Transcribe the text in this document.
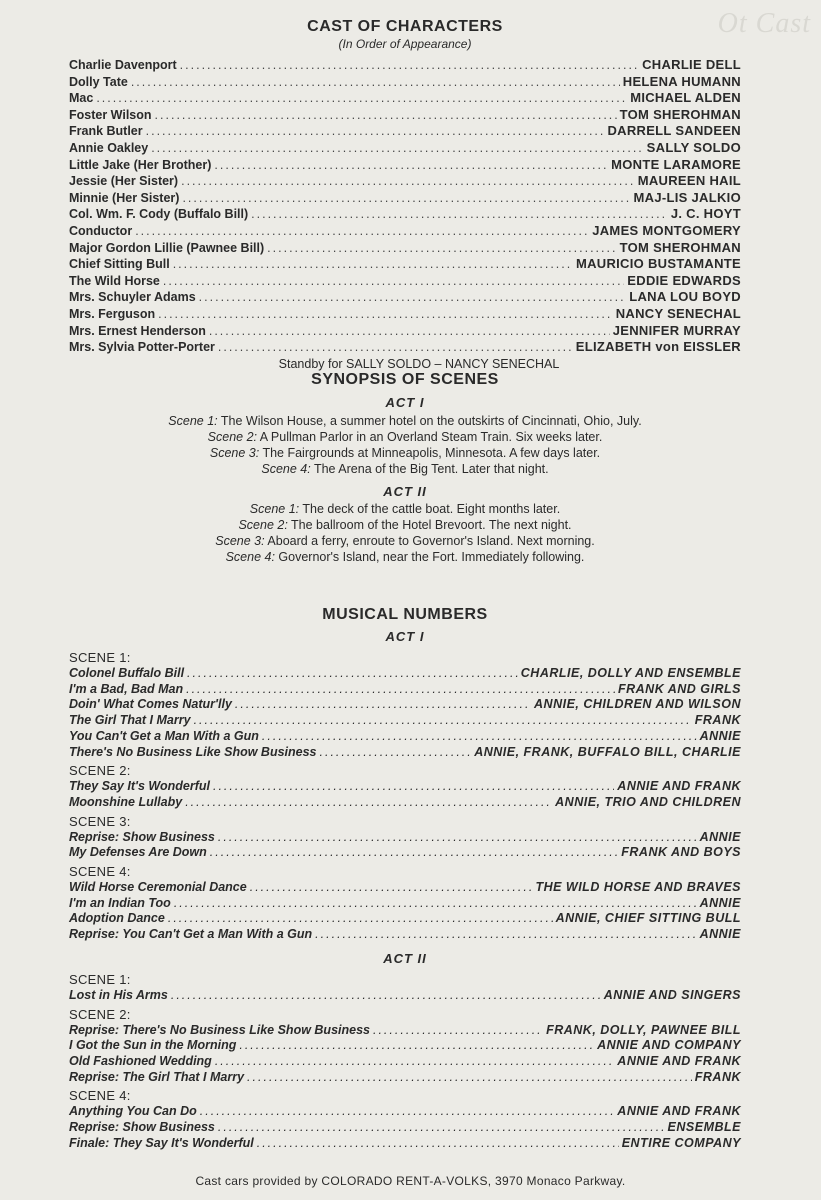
Ot Cast
CAST OF CHARACTERS
(In Order of Appearance)
Charlie Davenport .....	CHARLIE DELL
Dolly Tate .....	HELENA HUMANN
Mac .....	MICHAEL ALDEN
Foster Wilson .....	TOM SHEROHMAN
Frank Butler .....	DARRELL SANDEEN
Annie Oakley .....	SALLY SOLDO
Little Jake (Her Brother) .....	MONTE LARAMORE
Jessie (Her Sister) .....	MAUREEN HAIL
Minnie (Her Sister) .....	MAJ-LIS JALKIO
Col. Wm. F. Cody (Buffalo Bill) .....	J. C. HOYT
Conductor .....	JAMES MONTGOMERY
Major Gordon Lillie (Pawnee Bill) .....	TOM SHEROHMAN
Chief Sitting Bull .....	MAURICIO BUSTAMANTE
The Wild Horse .....	EDDIE EDWARDS
Mrs. Schuyler Adams .....	LANA LOU BOYD
Mrs. Ferguson .....	NANCY SENECHAL
Mrs. Ernest Henderson .....	JENNIFER MURRAY
Mrs. Sylvia Potter-Porter .....	ELIZABETH von EISSLER
Standby for SALLY SOLDO – NANCY SENECHAL
SYNOPSIS OF SCENES
ACT I
Scene 1: The Wilson House, a summer hotel on the outskirts of Cincinnati, Ohio, July.
Scene 2: A Pullman Parlor in an Overland Steam Train. Six weeks later.
Scene 3: The Fairgrounds at Minneapolis, Minnesota. A few days later.
Scene 4: The Arena of the Big Tent. Later that night.
ACT II
Scene 1: The deck of the cattle boat. Eight months later.
Scene 2: The ballroom of the Hotel Brevoort. The next night.
Scene 3: Aboard a ferry, enroute to Governor's Island. Next morning.
Scene 4: Governor's Island, near the Fort. Immediately following.
MUSICAL NUMBERS
ACT I
SCENE 1:
Colonel Buffalo Bill .....	CHARLIE, DOLLY AND ENSEMBLE
I'm a Bad, Bad Man .....	FRANK AND GIRLS
Doin' What Comes Natur'lly .....	ANNIE, CHILDREN AND WILSON
The Girl That I Marry .....	FRANK
You Can't Get a Man With a Gun .....	ANNIE
There's No Business Like Show Business .....	ANNIE, FRANK, BUFFALO BILL, CHARLIE
SCENE 2:
They Say It's Wonderful .....	ANNIE AND FRANK
Moonshine Lullaby .....	ANNIE, TRIO AND CHILDREN
SCENE 3:
Reprise: Show Business .....	ANNIE
My Defenses Are Down .....	FRANK AND BOYS
SCENE 4:
Wild Horse Ceremonial Dance .....	THE WILD HORSE AND BRAVES
I'm an Indian Too .....	ANNIE
Adoption Dance .....	ANNIE, CHIEF SITTING BULL
Reprise: You Can't Get a Man With a Gun .....	ANNIE
ACT II
SCENE 1:
Lost in His Arms .....	ANNIE AND SINGERS
SCENE 2:
Reprise: There's No Business Like Show Business .....	FRANK, DOLLY, PAWNEE BILL
I Got the Sun in the Morning .....	ANNIE AND COMPANY
Old Fashioned Wedding .....	ANNIE AND FRANK
Reprise: The Girl That I Marry .....	FRANK
SCENE 4:
Anything You Can Do .....	ANNIE AND FRANK
Reprise: Show Business .....	ENSEMBLE
Finale: They Say It's Wonderful .....	ENTIRE COMPANY
Cast cars provided by COLORADO RENT-A-VOLKS, 3970 Monaco Parkway.
